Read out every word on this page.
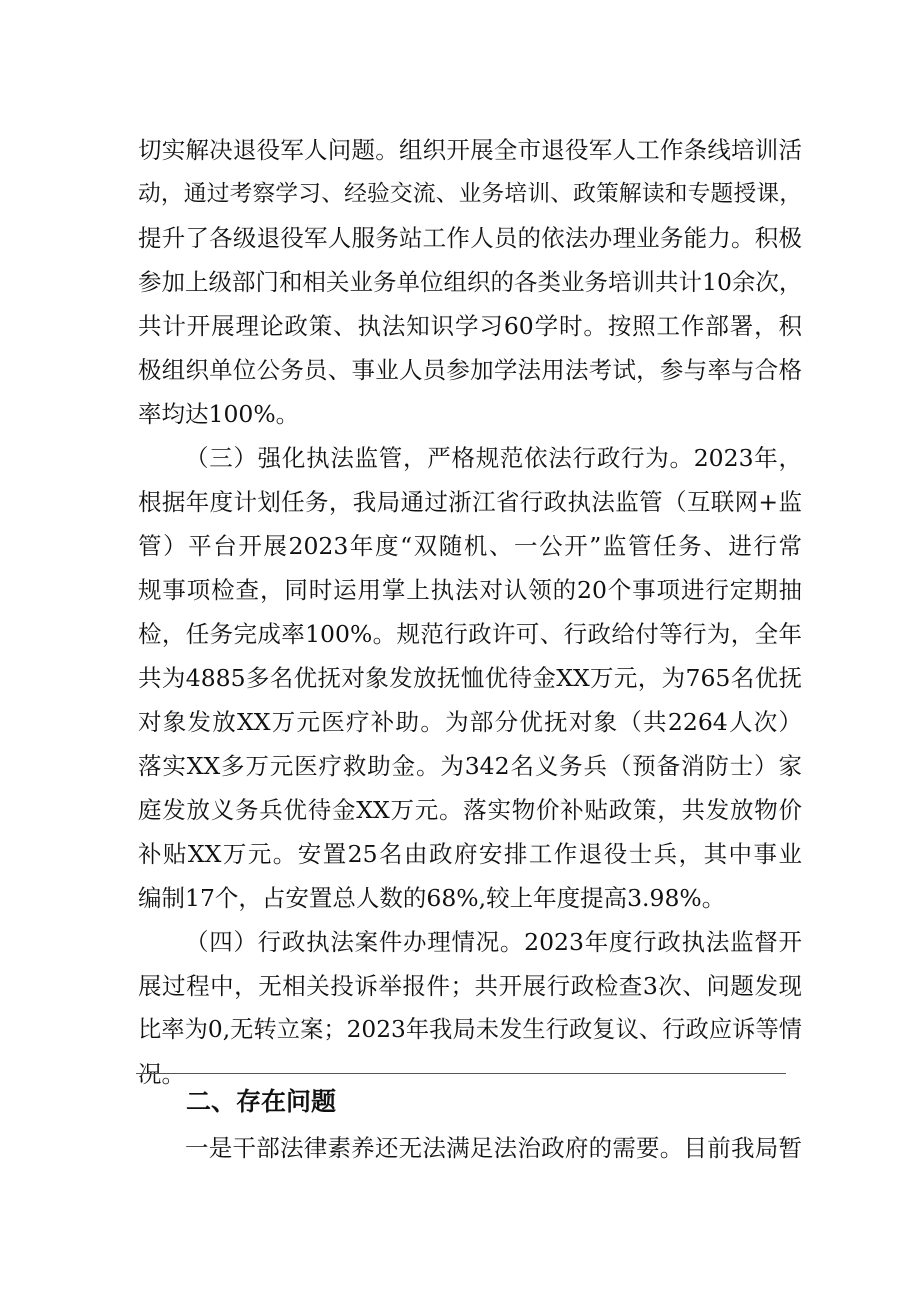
切实解决退役军人问题。组织开展全市退役军人工作条线培训活
动，通过考察学习、经验交流、业务培训、政策解读和专题授课，
提升了各级退役军人服务站工作人员的依法办理业务能力。积极
参加上级部门和相关业务单位组织的各类业务培训共计10余次，
共计开展理论政策、执法知识学习60学时。按照工作部署，积
极组织单位公务员、事业人员参加学法用法考试，参与率与合格
率均达100%。
（三）强化执法监管，严格规范依法行政行为。2023年，
根据年度计划任务，我局通过浙江省行政执法监管（互联网+监
管）平台开展2023年度“双随机、一公开”监管任务、进行常
规事项检查，同时运用掌上执法对认领的20个事项进行定期抽
检，任务完成率100%。规范行政许可、行政给付等行为，全年
共为4885多名优抚对象发放抚恤优待金XX万元，为765名优抚
对象发放XX万元医疗补助。为部分优抚对象（共2264人次）
落实XX多万元医疗救助金。为342名义务兵（预备消防士）家
庭发放义务兵优待金XX万元。落实物价补贴政策，共发放物价
补贴XX万元。安置25名由政府安排工作退役士兵，其中事业
编制17个，占安置总人数的68%,较上年度提高3.98%。
（四）行政执法案件办理情况。2023年度行政执法监督开
展过程中，无相关投诉举报件；共开展行政检查3次、问题发现
比率为0,无转立案；2023年我局未发生行政复议、行政应诉等情
况。
二、存在问题
一是干部法律素养还无法满足法治政府的需要。目前我局暂
